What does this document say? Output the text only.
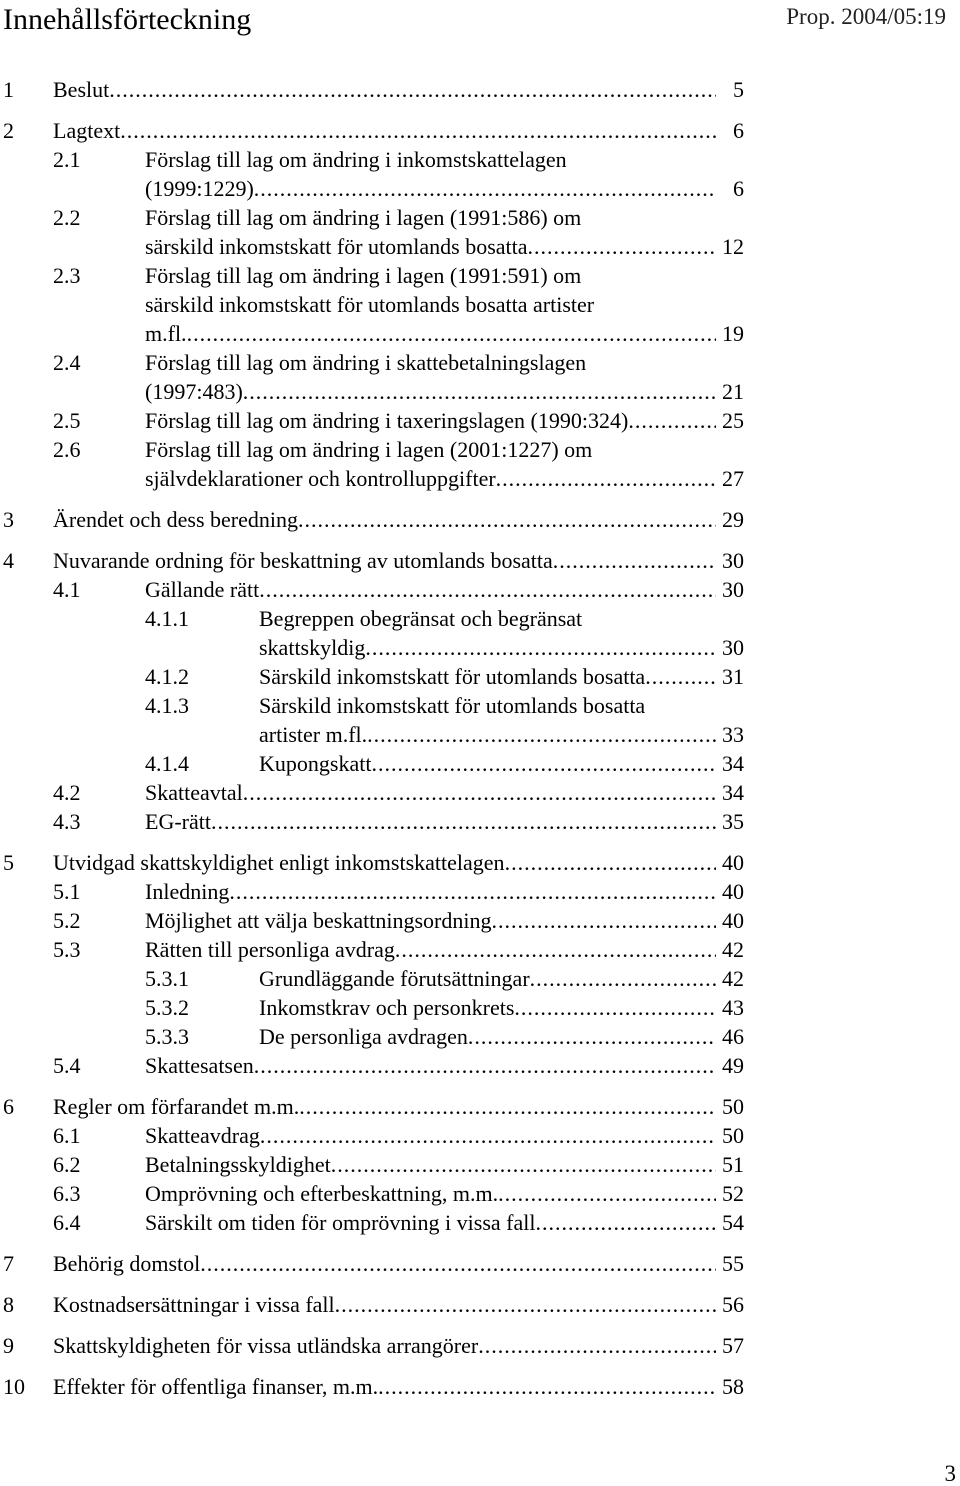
Innehållsförteckning	Prop. 2004/05:19
1 Beslut .....	5
2 Lagtext .....	6
2.1	Förslag till lag om ändring i inkomstskattelagen
(1999:1229) .....	6
2.2	Förslag till lag om ändring i lagen (1991:586) om
särskild inkomstskatt för utomlands bosatta .....	12
2.3	Förslag till lag om ändring i lagen (1991:591) om
särskild inkomstskatt för utomlands bosatta artister
m.fl. .....	19
2.4	Förslag till lag om ändring i skattebetalningslagen
(1997:483) .....	21
2.5	Förslag till lag om ändring i taxeringslagen (1990:324) .....	25
2.6	Förslag till lag om ändring i lagen (2001:1227) om
självdeklarationer och kontrolluppgifter .....	27
3 Ärendet och dess beredning .....	29
4 Nuvarande ordning för beskattning av utomlands bosatta .....	30
4.1	Gällande rätt .....	30
4.1.1	Begreppen obegränsat och begränsat
skattskyldig .....	30
4.1.2	Särskild inkomstskatt för utomlands bosatta .....	31
4.1.3	Särskild inkomstskatt för utomlands bosatta
artister m.fl. .....	33
4.1.4	Kupongskatt .....	34
4.2	Skatteavtal .....	34
4.3	EG-rätt .....	35
5 Utvidgad skattskyldighet enligt inkomstskattelagen .....	40
5.1	Inledning .....	40
5.2	Möjlighet att välja beskattningsordning .....	40
5.3	Rätten till personliga avdrag .....	42
5.3.1	Grundläggande förutsättningar .....	42
5.3.2	Inkomstkrav och personkrets .....	43
5.3.3	De personliga avdragen .....	46
5.4	Skattesatsen .....	49
6 Regler om förfarandet m.m. .....	50
6.1	Skatteavdrag .....	50
6.2	Betalningsskyldighet .....	51
6.3	Omprövning och efterbeskattning, m.m. .....	52
6.4	Särskilt om tiden för omprövning i vissa fall .....	54
7 Behörig domstol .....	55
8 Kostnadsersättningar i vissa fall .....	56
9 Skattskyldigheten för vissa utländska arrangörer .....	57
10 Effekter för offentliga finanser, m.m. .....	58
3
